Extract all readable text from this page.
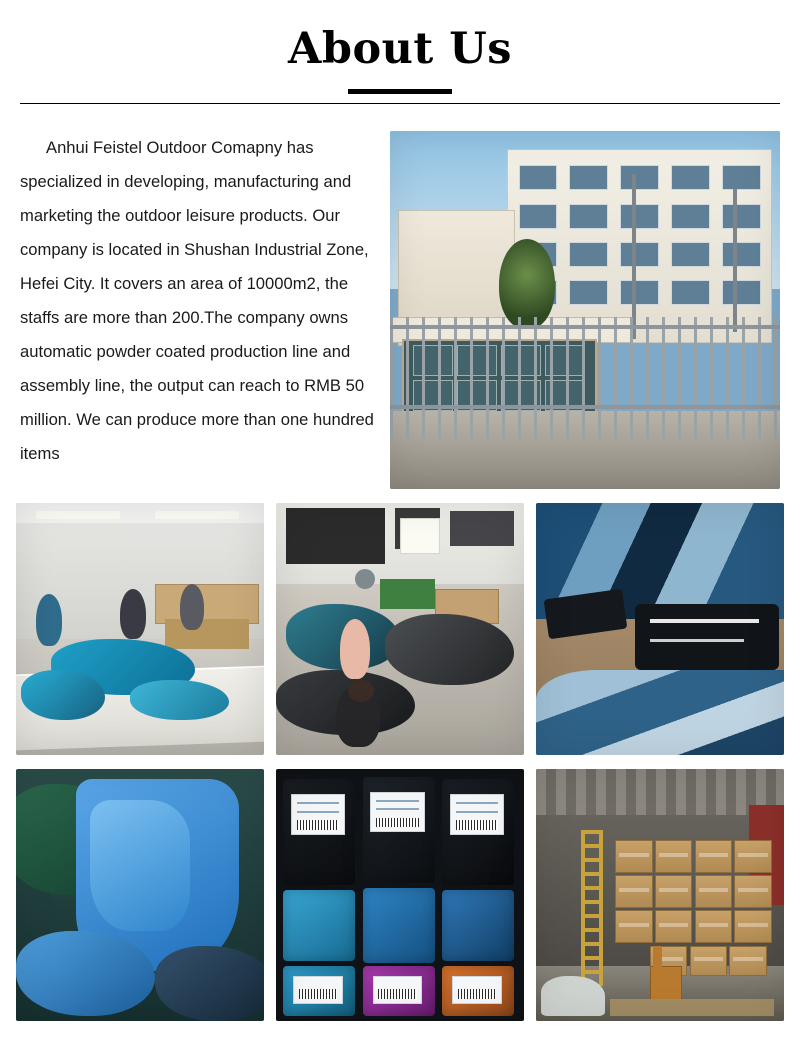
About Us
Anhui Feistel Outdoor Comapny has specialized in developing, manufacturing and marketing the outdoor leisure products. Our company is located in Shushan Industrial Zone, Hefei City. It covers an area of 10000m2, the staffs are more than 200.The company owns automatic powder coated production line and assembly line, the output can reach to RMB 50 million. We can produce more than one hundred items
